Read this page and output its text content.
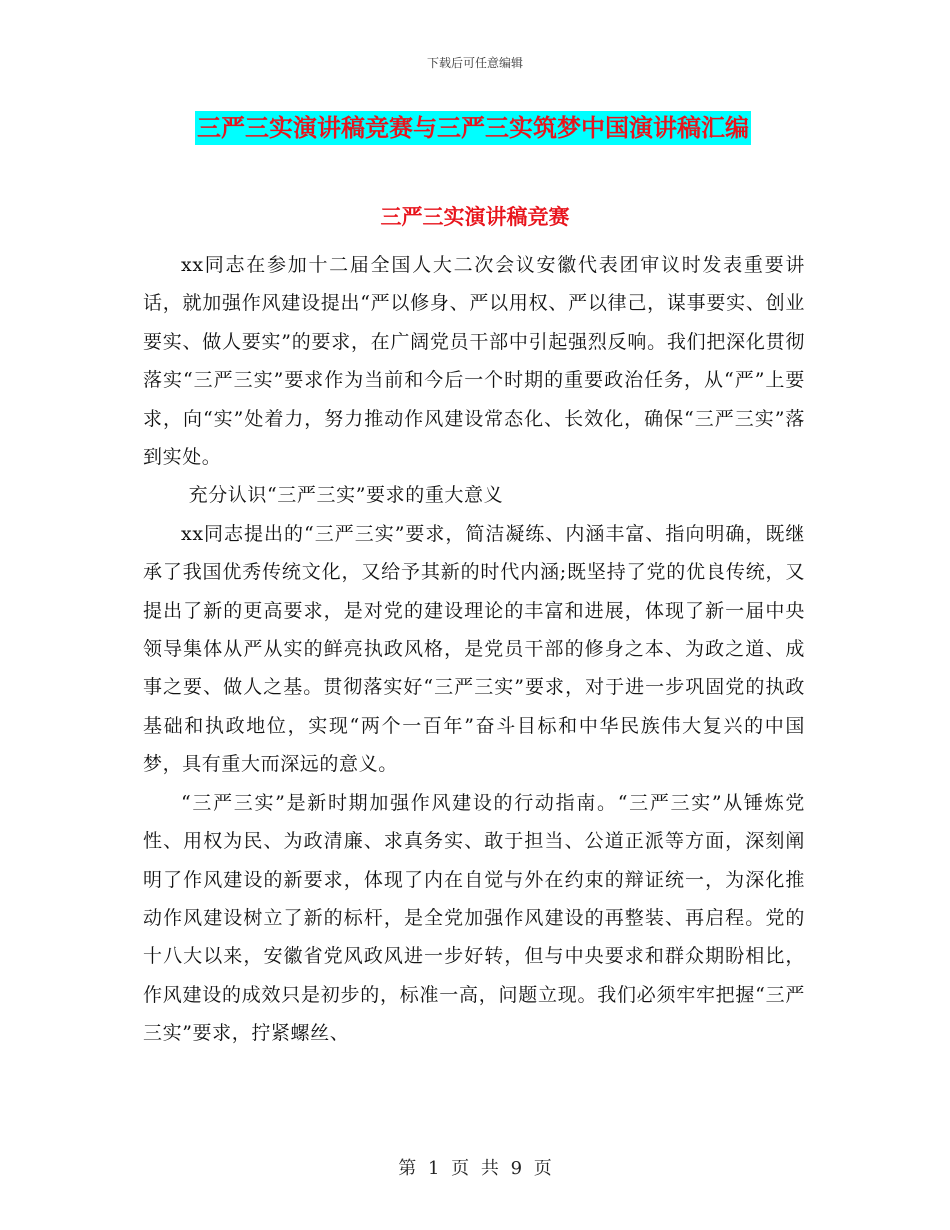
下载后可任意编辑
三严三实演讲稿竞赛与三严三实筑梦中国演讲稿汇编
三严三实演讲稿竞赛

xx同志在参加十二届全国人大二次会议安徽代表团审议时发表重要讲话，就加强作风建设提出“严以修身、严以用权、严以律己，谋事要实、创业要实、做人要实”的要求，在广阔党员干部中引起强烈反响。我们把深化贯彻落实“三严三实”要求作为当前和今后一个时期的重要政治任务，从“严”上要求，向“实”处着力，努力推动作风建设常态化、长效化，确保“三严三实”落到实处。

充分认识“三严三实”要求的重大意义

xx同志提出的“三严三实”要求，简洁凝练、内涵丰富、指向明确，既继承了我国优秀传统文化，又给予其新的时代内涵;既坚持了党的优良传统，又提出了新的更高要求，是对党的建设理论的丰富和进展，体现了新一届中央领导集体从严从实的鲜亮执政风格，是党员干部的修身之本、为政之道、成事之要、做人之基。贯彻落实好“三严三实”要求，对于进一步巩固党的执政基础和执政地位，实现“两个一百年”奋斗目标和中华民族伟大复兴的中国梦，具有重大而深远的意义。

“三严三实”是新时期加强作风建设的行动指南。“三严三实”从锤炼党性、用权为民、为政清廉、求真务实、敢于担当、公道正派等方面，深刻阐明了作风建设的新要求，体现了内在自觉与外在约束的辩证统一，为深化推动作风建设树立了新的标杆，是全党加强作风建设的再整装、再启程。党的十八大以来，安徽省党风政风进一步好转，但与中央要求和群众期盼相比，作风建设的成效只是初步的，标准一高，问题立现。我们必须牢牢把握“三严三实”要求，拧紧螺丝、

第 1 页 共 9 页
